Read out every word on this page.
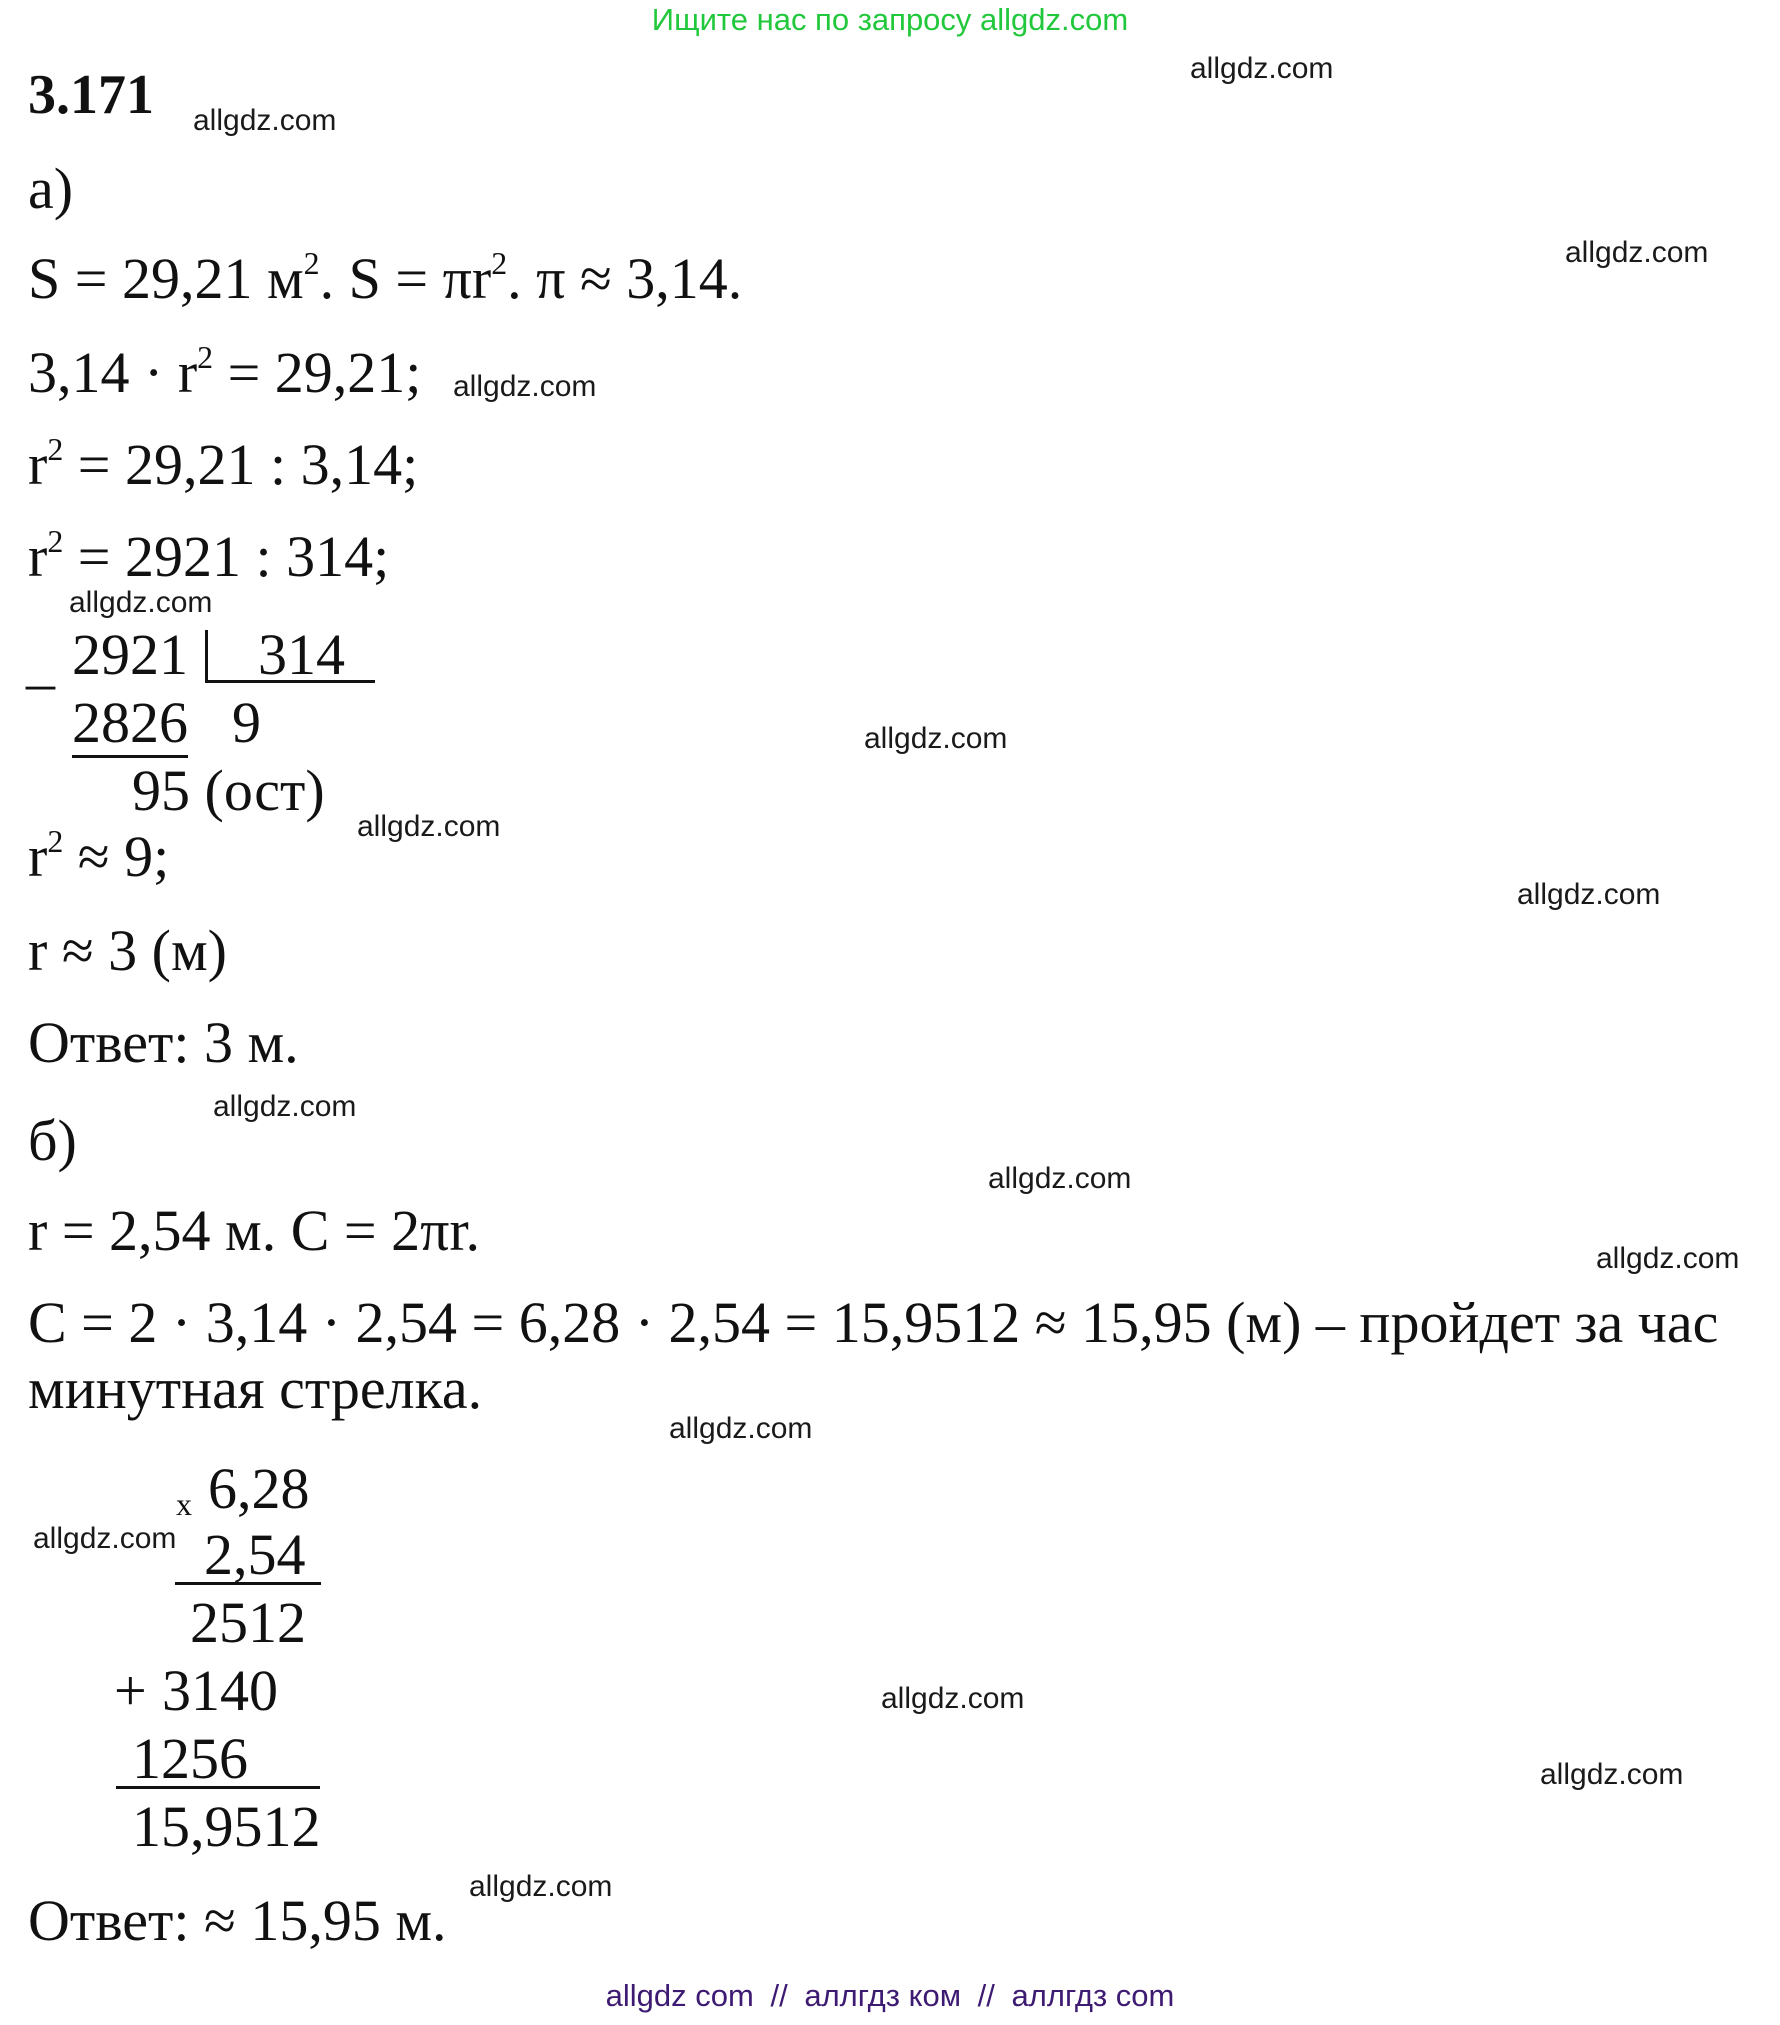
Ищите нас по запросу allgdz.com
3.171
а)
S = 29,21 $м^2$. $S = \pi r^2$. π ≈ 3,14.
$3,14 \cdot r^2 = 29,21$;
$r^2 = 29,21$ : 3,14;
$r^2 = 2921$ : 314;
_ 2921 314
2826 9
95 (ост)
$r^2 \approx 9$;
r ≈ 3 (м)
Ответ: 3 м.
б)
r = 2,54 м. С = 2πr.
С = 2 · 3,14 · 2,54 = 6,28 · 2,54 = 15,9512 ≈ 15,95 (м) – пройдет за час
минутная стрелка.
x 6,28
2,54
2512
+ 3140
1256
15,9512
Ответ: ≈ 15,95 м.
allgdz.com
allgdz.com
allgdz.com
allgdz.com
allgdz.com
allgdz.com
allgdz.com
allgdz.com
allgdz.com
allgdz.com
allgdz.com
allgdz.com
allgdz.com
allgdz.com
allgdz.com
allgdz.com
allgdz com // аллгдз ком // аллгдз com
